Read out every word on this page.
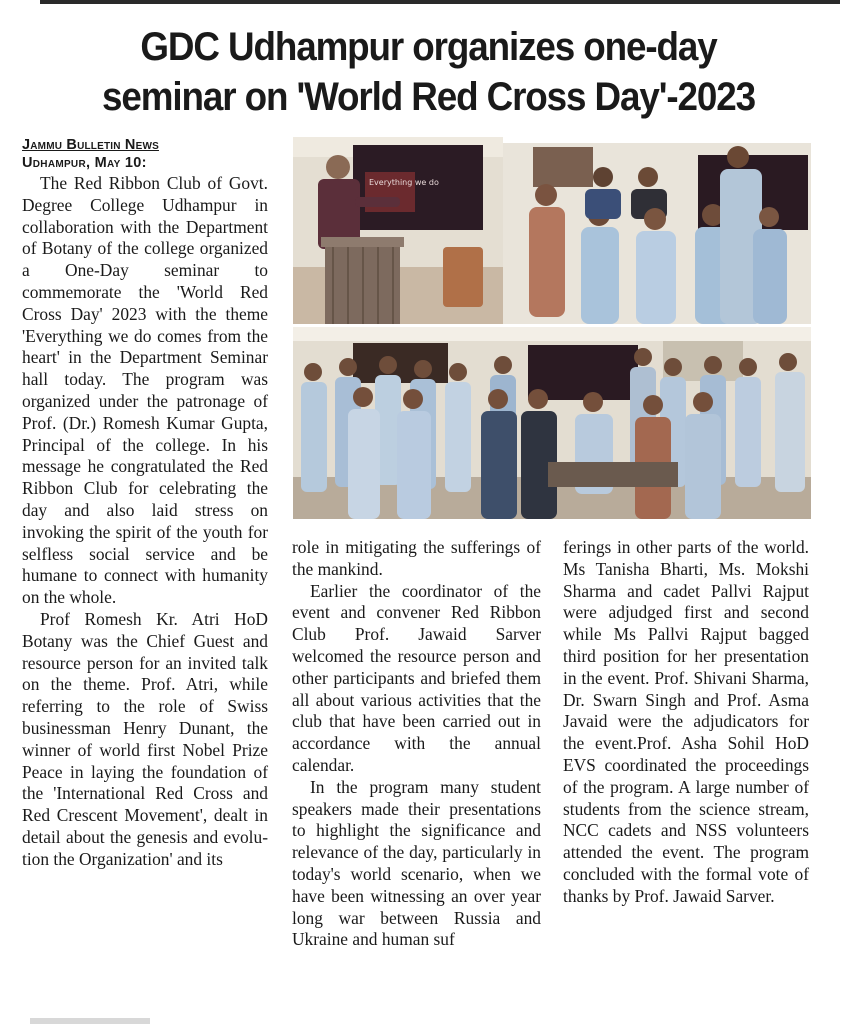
GDC Udhampur organizes one-day
seminar on 'World Red Cross Day'-2023
Jammu Bulletin News
Udhampur, May 10:

The Red Ribbon Club of Govt. Degree College Udhampur in collaboration with the Department of Botany of the college organized a One-Day seminar to commemorate the 'World Red Cross Day' 2023 with the theme 'Everything we do comes from the heart' in the Department Seminar hall today. The program was organized under the patronage of Prof. (Dr.) Romesh Kumar Gupta, Principal of the college. In his message he congratulated the Red Ribbon Club for celebrating the day and also laid stress on invoking the spirit of the youth for selfless social service and be humane to connect with humanity on the whole.

Prof Romesh Kr. Atri HoD Botany was the Chief Guest and resource person for an invited talk on the theme. Prof. Atri, while referring to the role of Swiss businessman Henry Dunant, the winner of world first Nobel Prize Peace in laying the foundation of the 'International Red Cross and Red Crescent Movement', dealt in detail about the genesis and evolution the Organization' and its

Everything we do

role in mitigating the sufferings of the mankind.

Earlier the coordinator of the event and convener Red Ribbon Club Prof. Jawaid Sarver welcomed the resource person and other participants and briefed them all about various activities that the club that have been carried out in accordance with the annual calendar.

In the program many student speakers made their presentations to highlight the significance and relevance of the day, particularly in today's world scenario, when we have been witnessing an over year long war between Russia and Ukraine and human suf

ferings in other parts of the world. Ms Tanisha Bharti, Ms. Mokshi Sharma and cadet Pallvi Rajput were adjudged first and second while Ms Pallvi Rajput bagged third position for her presentation in the event. Prof. Shivani Sharma, Dr. Swarn Singh and Prof. Asma Javaid were the adjudicators for the event.Prof. Asha Sohil HoD EVS coordinated the proceedings of the program. A large number of students from the science stream, NCC cadets and NSS volunteers attended the event. The program concluded with the formal vote of thanks by Prof. Jawaid Sarver.
